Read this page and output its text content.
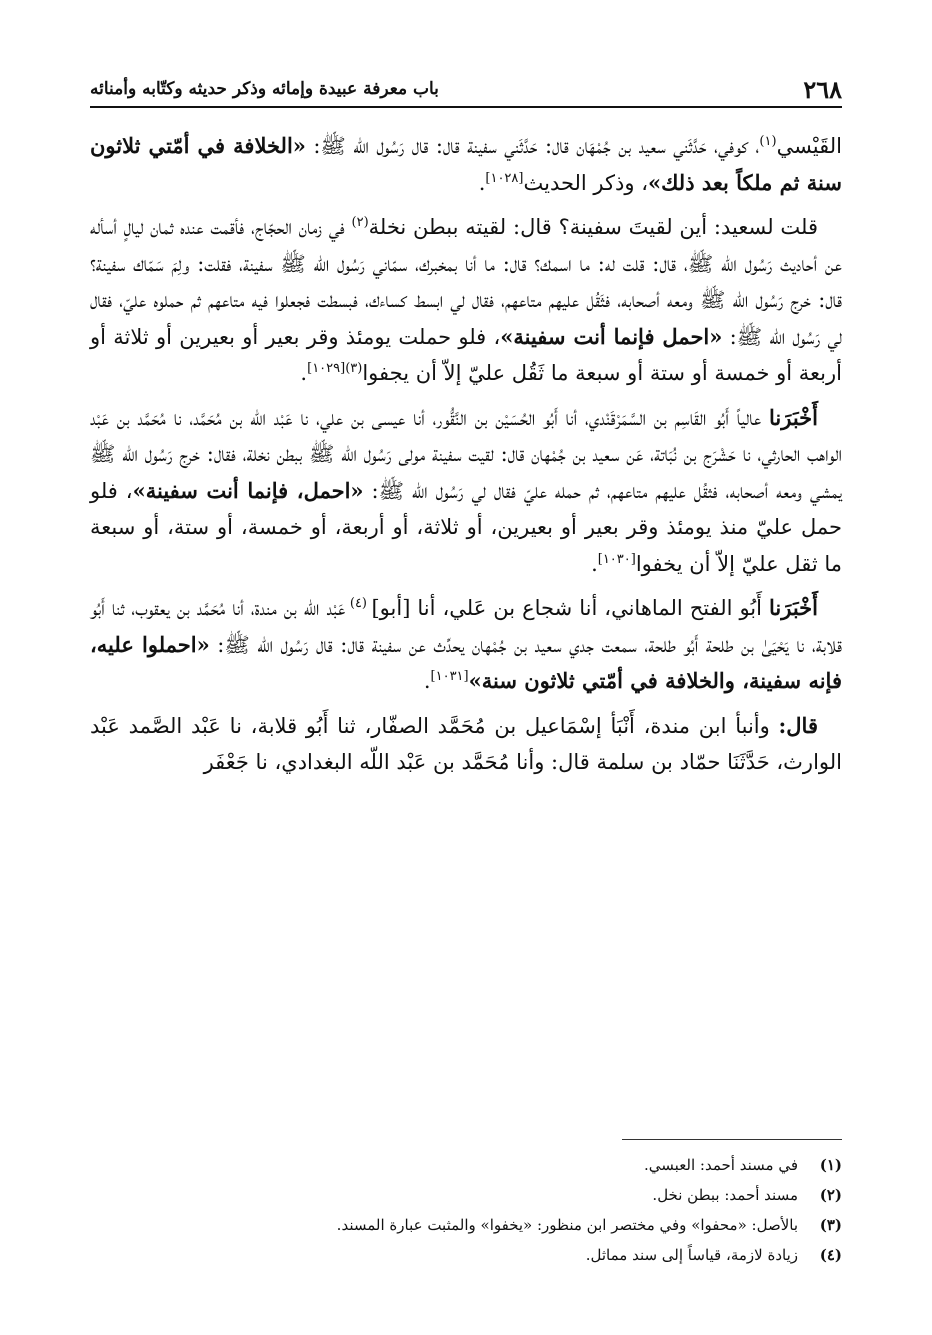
٢٦٨
باب معرفة عبيدة وإمائه وذكر حديثه وكتّابه وأمنائه

القَيْسي$^{(١)}$، كوفي، حَدَّثَني سعيد بن جُمْهَان قال: حَدَّثَني سفينة قال: قال رَسُول الله ﷺ: «الخلافة في أمّتي ثلاثون سنة ثم ملكاً بعد ذلك»، وذكر الحديث[١٠٢٨].

قلت لسعيد: أين لقيتَ سفينة؟ قال: لقيته ببطن نخلة$^{(٢)}$ في زمان الحجّاج، فأقمت عنده ثمان ليالٍ أسأله عن أحاديث رَسُول الله ﷺ، قال: قلت له: ما اسمك؟ قال: ما أنا بمخبرك، سمّاني رَسُول الله ﷺ سفينة، فقلت: ولِمَ سَمّاك سفينة؟ قال: خرج رَسُول الله ﷺ ومعه أصحابه، فثَقُل عليهم متاعهم، فقال لي ابسط كساءك، فبسطت فجعلوا فيه متاعهم ثم حملوه عليّ، فقال لي رَسُول الله ﷺ: «احمل فإنما أنت سفينة»، فلو حملت يومئذ وقر بعير أو بعيرين أو ثلاثة أو أربعة أو خمسة أو ستة أو سبعة ما ثَقُل عليّ إلاّ أن يجفوا$^{(٣)[١٠٢٩]}$.

أَخْبَرَنا عالياً أَبُو القَاسِم بن السَّمَرْقَنْدي، أنا أَبُو الحُسَيْن بن النَّقُّور، أنا عيسى بن علي، نا عَبْد اللّه بن مُحَمَّد، نا مُحَمَّد بن عَبْد الواهب الحارثي، نا حَشْرَج بن نُبَاتة، عَن سعيد بن جُمْهان قال: لقيت سفينة مولى رَسُول الله ﷺ ببطن نخلة، فقال: خرج رَسُول الله ﷺ يمشي ومعه أصحابه، فثقُل عليهم متاعهم، ثم حمله عليّ فقال لي رَسُول الله ﷺ: «احمل، فإنما أنت سفينة»، فلو حمل عليّ منذ يومئذ وقر بعير أو بعيرين، أو ثلاثة، أو أربعة، أو خمسة، أو ستة، أو سبعة ما ثقل عليّ إلاّ أن يخفوا[١٠٣٠].

أَخْبَرَنا أَبُو الفتح الماهاني، أنا شجاع بن عَلي، أنا [أبو] $^{(٤)}$ عَبْد اللّه بن مندة، أنا مُحَمَّد بن يعقوب، ثنا أَبُو قلابة، نا يَحْيَىٰ بن طلحة أَبُو طلحة، سمعت جدي سعيد بن جُمْهان يحدِّث عن سفينة قال: قال رَسُول الله ﷺ: «احملوا عليه، فإنه سفينة، والخلافة في أمّتي ثلاثون سنة»[١٠٣١].

قال: وأنبأ ابن مندة، أَنْبَأ إسْمَاعيل بن مُحَمَّد الصفّار، ثنا أَبُو قلابة، نا عَبْد الصَّمد عَبْد الوارث، حَدَّثَنَا حمّاد بن سلمة قال: وأنا مُحَمَّد بن عَبْد اللّه البغدادي، نا جَعْفَر

(١)
في مسند أحمد: العبسي.
(٢)
مسند أحمد: ببطن نخل.
(٣)
بالأصل: «محفوا» وفي مختصر ابن منظور: «يخفوا» والمثبت عبارة المسند.
(٤)
زيادة لازمة، قياساً إلى سند مماثل.
